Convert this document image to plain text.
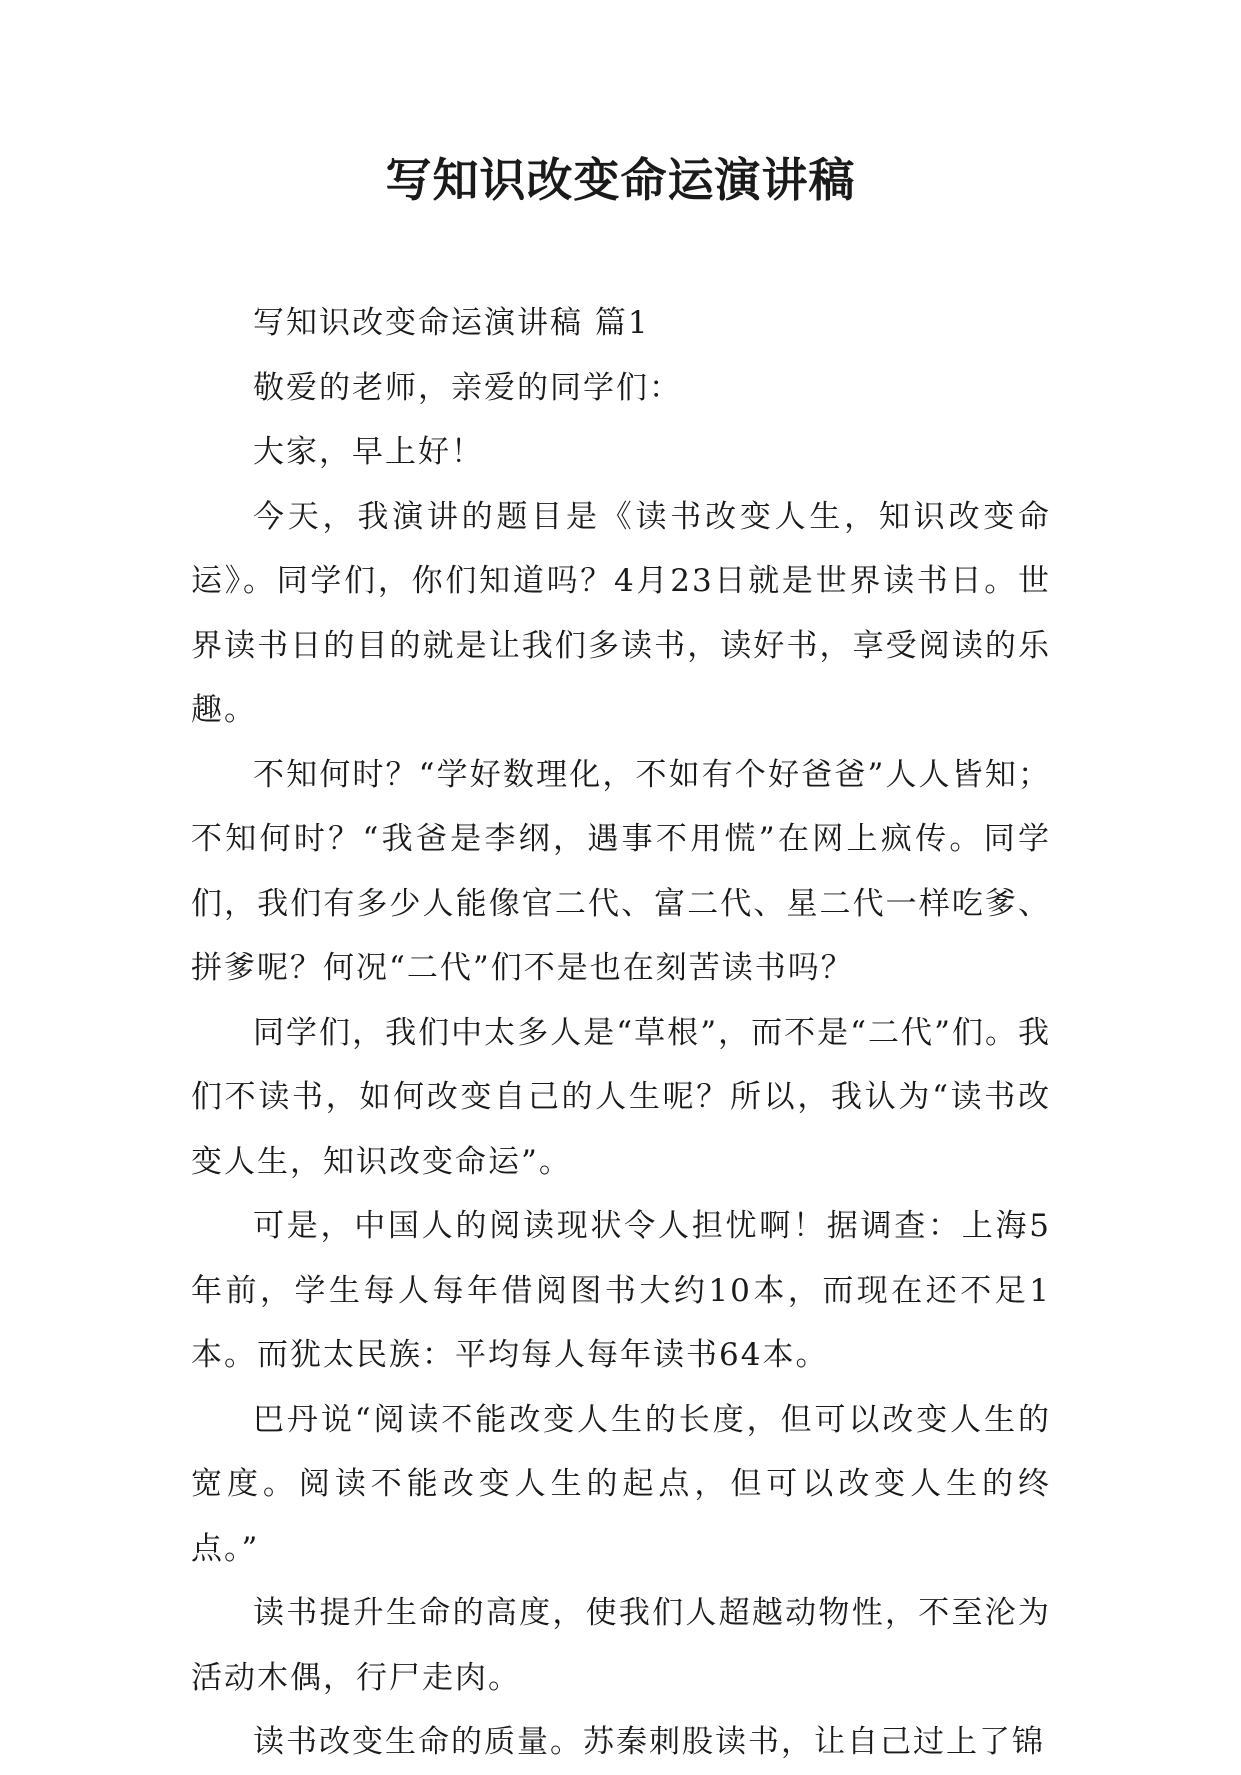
写知识改变命运演讲稿

写知识改变命运演讲稿 篇1

敬爱的老师，亲爱的同学们：

大家，早上好！

今天，我演讲的题目是《读书改变人生，知识改变命运》。同学们，你们知道吗？4月23日就是世界读书日。世界读书日的目的就是让我们多读书，读好书，享受阅读的乐趣。

不知何时？“学好数理化，不如有个好爸爸”人人皆知；不知何时？“我爸是李纲，遇事不用慌”在网上疯传。同学们，我们有多少人能像官二代、富二代、星二代一样吃爹、拼爹呢？何况“二代”们不是也在刻苦读书吗？

同学们，我们中太多人是“草根”，而不是“二代”们。我们不读书，如何改变自己的人生呢？所以，我认为“读书改变人生，知识改变命运”。

可是，中国人的阅读现状令人担忧啊！据调查：上海5年前，学生每人每年借阅图书大约10本，而现在还不足1本。而犹太民族：平均每人每年读书64本。

巴丹说“阅读不能改变人生的长度，但可以改变人生的宽度。阅读不能改变人生的起点，但可以改变人生的终点。”

读书提升生命的高度，使我们人超越动物性，不至沦为活动木偶，行尸走肉。

读书改变生命的质量。苏秦刺股读书，让自己过上了锦
